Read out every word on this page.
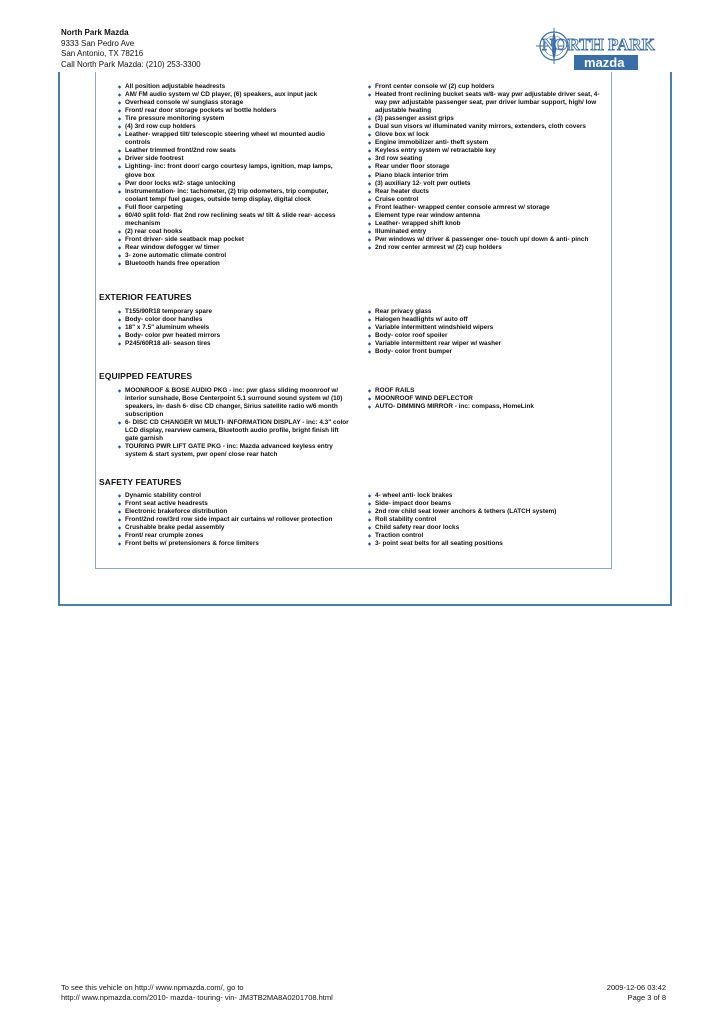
North Park Mazda
9333 San Pedro Ave
San Antonio, TX 78216
Call North Park Mazda: (210) 253-3300
NORTH PARK
mazda
◆ All position adjustable headrests
◆ AM/ FM audio system w/ CD player, (6) speakers, aux input jack
◆ Overhead console w/ sunglass storage
◆ Front/ rear door storage pockets w/ bottle holders
◆ Tire pressure monitoring system
◆ (4) 3rd row cup holders
◆ Leather- wrapped tilt/ telescopic steering wheel w/ mounted audio controls
◆ Leather trimmed front/2nd row seats
◆ Driver side footrest
◆ Lighting- inc: front door/ cargo courtesy lamps, ignition, map lamps, glove box
◆ Pwr door locks w/2- stage unlocking
◆ Instrumentation- inc: tachometer, (2) trip odometers, trip computer, coolant temp/ fuel gauges, outside temp display, digital clock
◆ Full floor carpeting
◆ 60/40 split fold- flat 2nd row reclining seats w/ tilt & slide rear- access mechanism
◆ (2) rear coat hooks
◆ Front driver- side seatback map pocket
◆ Rear window defogger w/ timer
◆ 3- zone automatic climate control
◆ Bluetooth hands free operation
◆ Front center console w/ (2) cup holders
◆ Heated front reclining bucket seats w/8- way pwr adjustable driver seat, 4- way pwr adjustable passenger seat, pwr driver lumbar support, high/ low adjustable heating
◆ (3) passenger assist grips
◆ Dual sun visors w/ illuminated vanity mirrors, extenders, cloth covers
◆ Glove box w/ lock
◆ Engine immobilizer anti- theft system
◆ Keyless entry system w/ retractable key
◆ 3rd row seating
◆ Rear under floor storage
◆ Piano black interior trim
◆ (3) auxiliary 12- volt pwr outlets
◆ Rear heater ducts
◆ Cruise control
◆ Front leather- wrapped center console armrest w/ storage
◆ Element type rear window antenna
◆ Leather- wrapped shift knob
◆ Illuminated entry
◆ Pwr windows w/ driver & passenger one- touch up/ down & anti- pinch
◆ 2nd row center armrest w/ (2) cup holders
EXTERIOR FEATURES
◆ T155/90R18 temporary spare
◆ Body- color door handles
◆ 18" x 7.5" aluminum wheels
◆ Body- color pwr heated mirrors
◆ P245/60R18 all- season tires
◆ Rear privacy glass
◆ Halogen headlights w/ auto off
◆ Variable intermittent windshield wipers
◆ Body- color roof spoiler
◆ Variable intermittent rear wiper w/ washer
◆ Body- color front bumper
EQUIPPED FEATURES
◆ MOONROOF & BOSE AUDIO PKG - inc: pwr glass sliding moonroof w/ interior sunshade, Bose Centerpoint 5.1 surround sound system w/ (10) speakers, in- dash 6- disc CD changer, Sirius satellite radio w/6 month subscription
◆ 6- DISC CD CHANGER W/ MULTI- INFORMATION DISPLAY - inc: 4.3" color LCD display, rearview camera, Bluetooth audio profile, bright finish lift gate garnish
◆ TOURING PWR LIFT GATE PKG - inc: Mazda advanced keyless entry system & start system, pwr open/ close rear hatch
◆ ROOF RAILS
◆ MOONROOF WIND DEFLECTOR
◆ AUTO- DIMMING MIRROR - inc: compass, HomeLink
SAFETY FEATURES
◆ Dynamic stability control
◆ Front seat active headrests
◆ Electronic brakeforce distribution
◆ Front/2nd row/3rd row side impact air curtains w/ rollover protection
◆ Crushable brake pedal assembly
◆ Front/ rear crumple zones
◆ Front belts w/ pretensioners & force limiters
◆ 4- wheel anti- lock brakes
◆ Side- impact door beams
◆ 2nd row child seat lower anchors & tethers (LATCH system)
◆ Roll stability control
◆ Child safety rear door locks
◆ Traction control
◆ 3- point seat belts for all seating positions
To see this vehicle on http:// www.npmazda.com/, go to
http:// www.npmazda.com/2010- mazda- touring- vin- JM3TB2MA8A0201708.html
2009-12-06 03:42
Page 3 of 8
